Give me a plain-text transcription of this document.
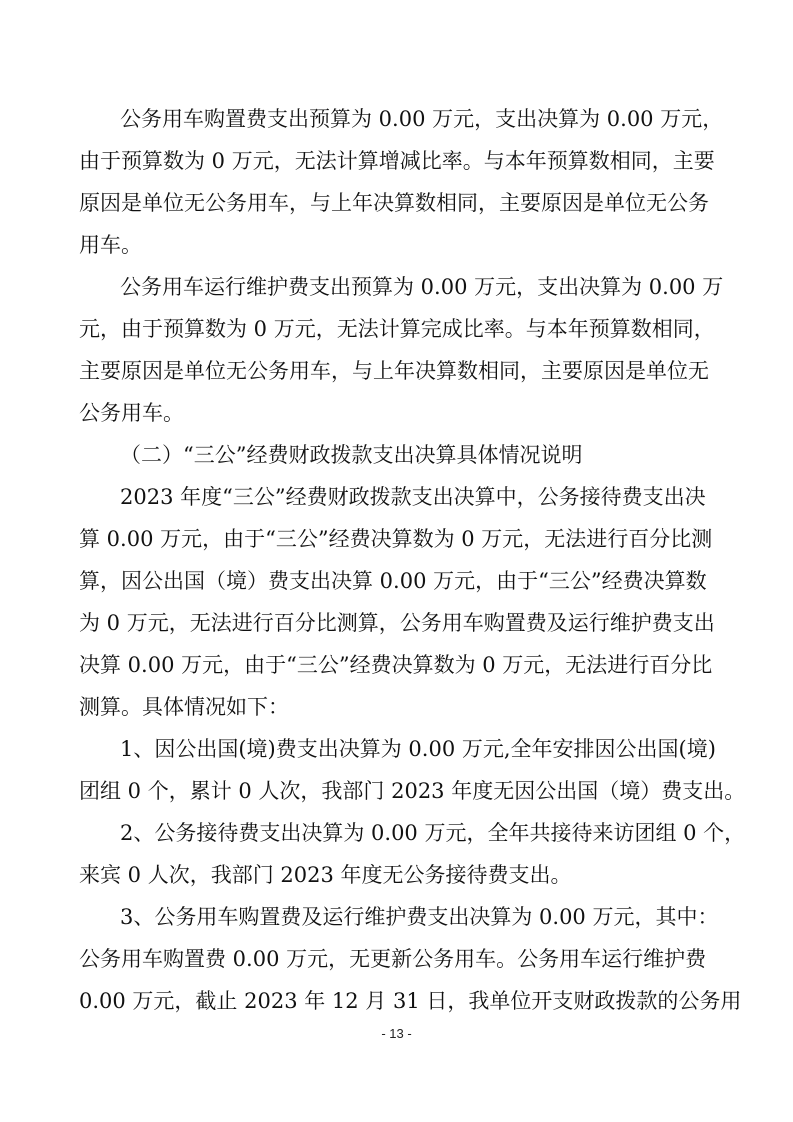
公务用车购置费支出预算为 0.00 万元，支出决算为 0.00 万元，
由于预算数为 0 万元，无法计算增减比率。与本年预算数相同，主要
原因是单位无公务用车，与上年决算数相同，主要原因是单位无公务
用车。
公务用车运行维护费支出预算为 0.00 万元，支出决算为 0.00 万
元，由于预算数为 0 万元，无法计算完成比率。与本年预算数相同，
主要原因是单位无公务用车，与上年决算数相同，主要原因是单位无
公务用车。
（二）“三公”经费财政拨款支出决算具体情况说明
2023 年度“三公”经费财政拨款支出决算中，公务接待费支出决
算 0.00 万元，由于“三公”经费决算数为 0 万元，无法进行百分比测
算，因公出国（境）费支出决算 0.00 万元，由于“三公”经费决算数
为 0 万元，无法进行百分比测算，公务用车购置费及运行维护费支出
决算 0.00 万元，由于“三公”经费决算数为 0 万元，无法进行百分比
测算。具体情况如下：
1、因公出国(境)费支出决算为 0.00 万元,全年安排因公出国(境)
团组 0 个，累计 0 人次，我部门 2023 年度无因公出国（境）费支出。
2、公务接待费支出决算为 0.00 万元，全年共接待来访团组 0 个，
来宾 0 人次，我部门 2023 年度无公务接待费支出。
3、公务用车购置费及运行维护费支出决算为 0.00 万元，其中：
公务用车购置费 0.00 万元，无更新公务用车。公务用车运行维护费
0.00 万元，截止 2023 年 12 月 31 日，我单位开支财政拨款的公务用
- 13 -
